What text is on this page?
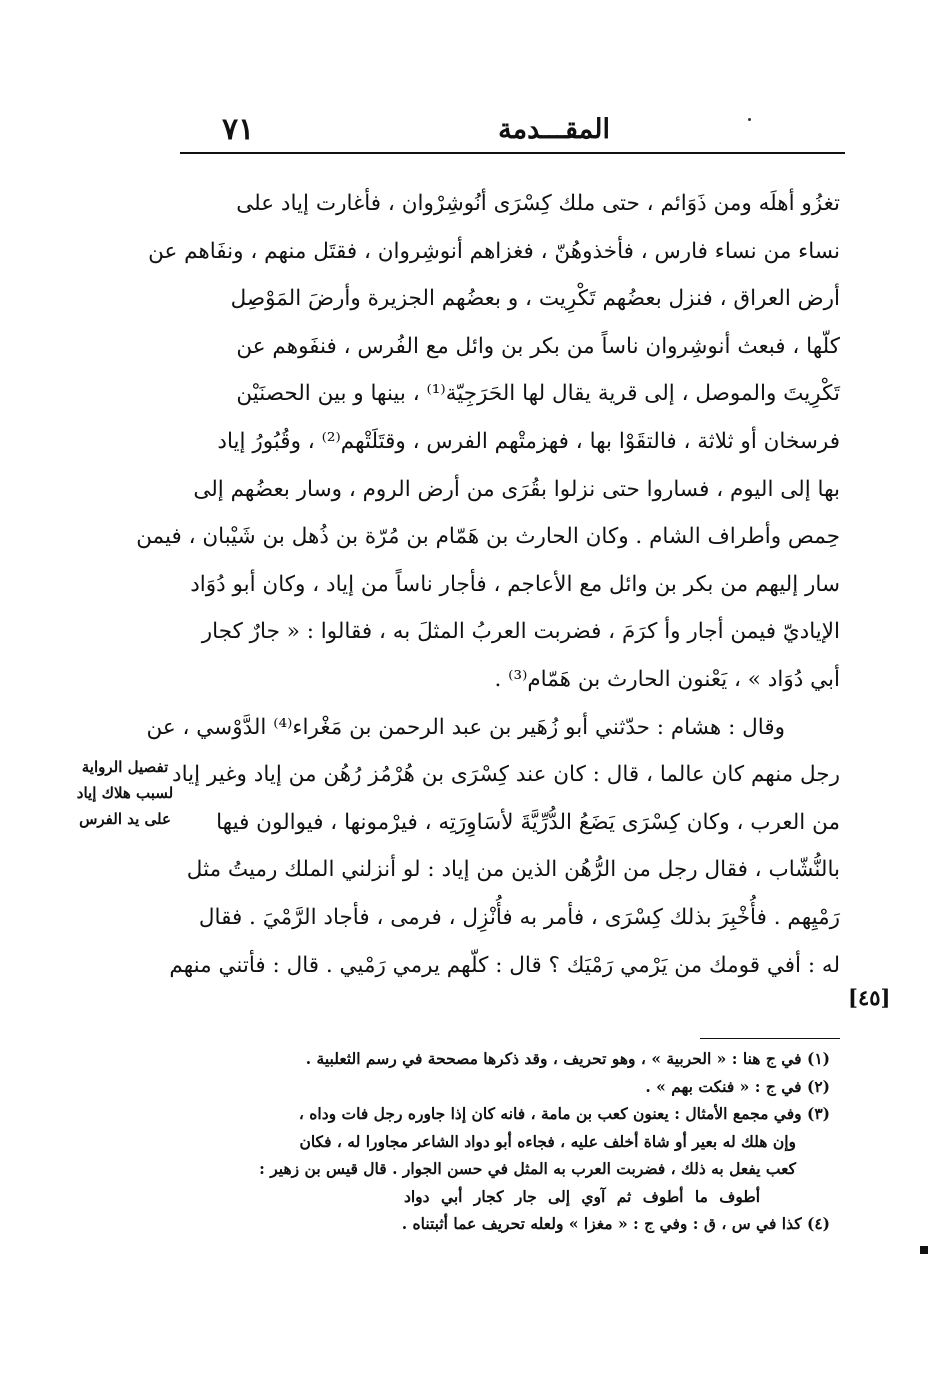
المقـــدمة
٧١
تغزُو أهلَه ومن ذَوَائم ، حتى ملك كِسْرَى أنُوشِرْوان ، فأغارت إياد على
نساء من نساء فارس ، فأخذوهُنّ ، فغزاهم أنوشِروان ، فقتَل منهم ، ونفَاهم عن
أرض العراق ، فنزل بعضُهم تَكْرِيت ، و بعضُهم الجزيرة وأرضَ المَوْصِل
كلّها ، فبعث أنوشِروان ناساً من بكر بن وائل مع الفُرس ، فنفَوهم عن
تَكْرِيتَ والموصل ، إلى قرية يقال لها الحَرَجِيّة⁽¹⁾ ، بينها و بين الحصنَيْن
فرسخان أو ثلاثة ، فالتقَوْا بها ، فهزمتْهم الفرس ، وقتَلَتْهم⁽²⁾ ، وقُبُورُ إياد
بها إلى اليوم ، فساروا حتى نزلوا بقُرَى من أرض الروم ، وسار بعضُهم إلى
حِمص وأطراف الشام . وكان الحارث بن هَمّام بن مُرّة بن ذُهل بن شَيْبان ، فيمن
سار إليهم من بكر بن وائل مع الأعاجم ، فأجار ناساً من إياد ، وكان أبو دُوَاد
الإياديّ فيمن أجار وأ كرَمَ ، فضربت العربُ المثلَ به ، فقالوا : « جارٌ كجار
أبي دُوَاد » ، يَعْنون الحارث بن هَمّام⁽³⁾ .
وقال : هشام : حدّثني أبو زُهَير بن عبد الرحمن بن مَغْراء⁽⁴⁾ الدَّوْسي ، عن
رجل منهم كان عالما ، قال : كان عند كِسْرَى بن هُرْمُز رُهُن من إياد وغير إياد
من العرب ، وكان كِسْرَى يَضَعُ الدُّرِّيَّةَ لأسَاوِرَتِه ، فيرْمونها ، فيوالون فيها
بالنُّشّاب ، فقال رجل من الرُّهُن الذين من إياد : لو أنزلني الملك رميتُ مثل
رَمْيِهم . فأُخْبِرَ بذلك كِسْرَى ، فأمر به فأُنْزِل ، فرمى ، فأجاد الرَّمْيَ . فقال
له : أفي قومك من يَرْمي رَمْيَك ؟ قال : كلّهم يرمي رَمْيي . قال : فأتني منهم
تفصيل الرواية
لسبب هلاك إياد
على يد الفرس
[٤٥]
(١) في ج هنا : « الحربية » ، وهو تحريف ، وقد ذكرها مصححة في رسم الثعلبية .
(٢) في ج : « فنكت بهم » .
(٣) وفي مجمع الأمثال : يعنون كعب بن مامة ، فانه كان إذا جاوره رجل فات وداه ،
وإن هلك له بعير أو شاة أخلف عليه ، فجاءه أبو دواد الشاعر مجاورا له ، فكان
كعب يفعل به ذلك ، فضربت العرب به المثل في حسن الجوار . قال قيس بن زهير :
أطوف ما أطوف ثم آوي إلى جار كجار أبي دواد
(٤) كذا في س ، ق : وفي ج : « مغزا » ولعله تحريف عما أثبتناه .
